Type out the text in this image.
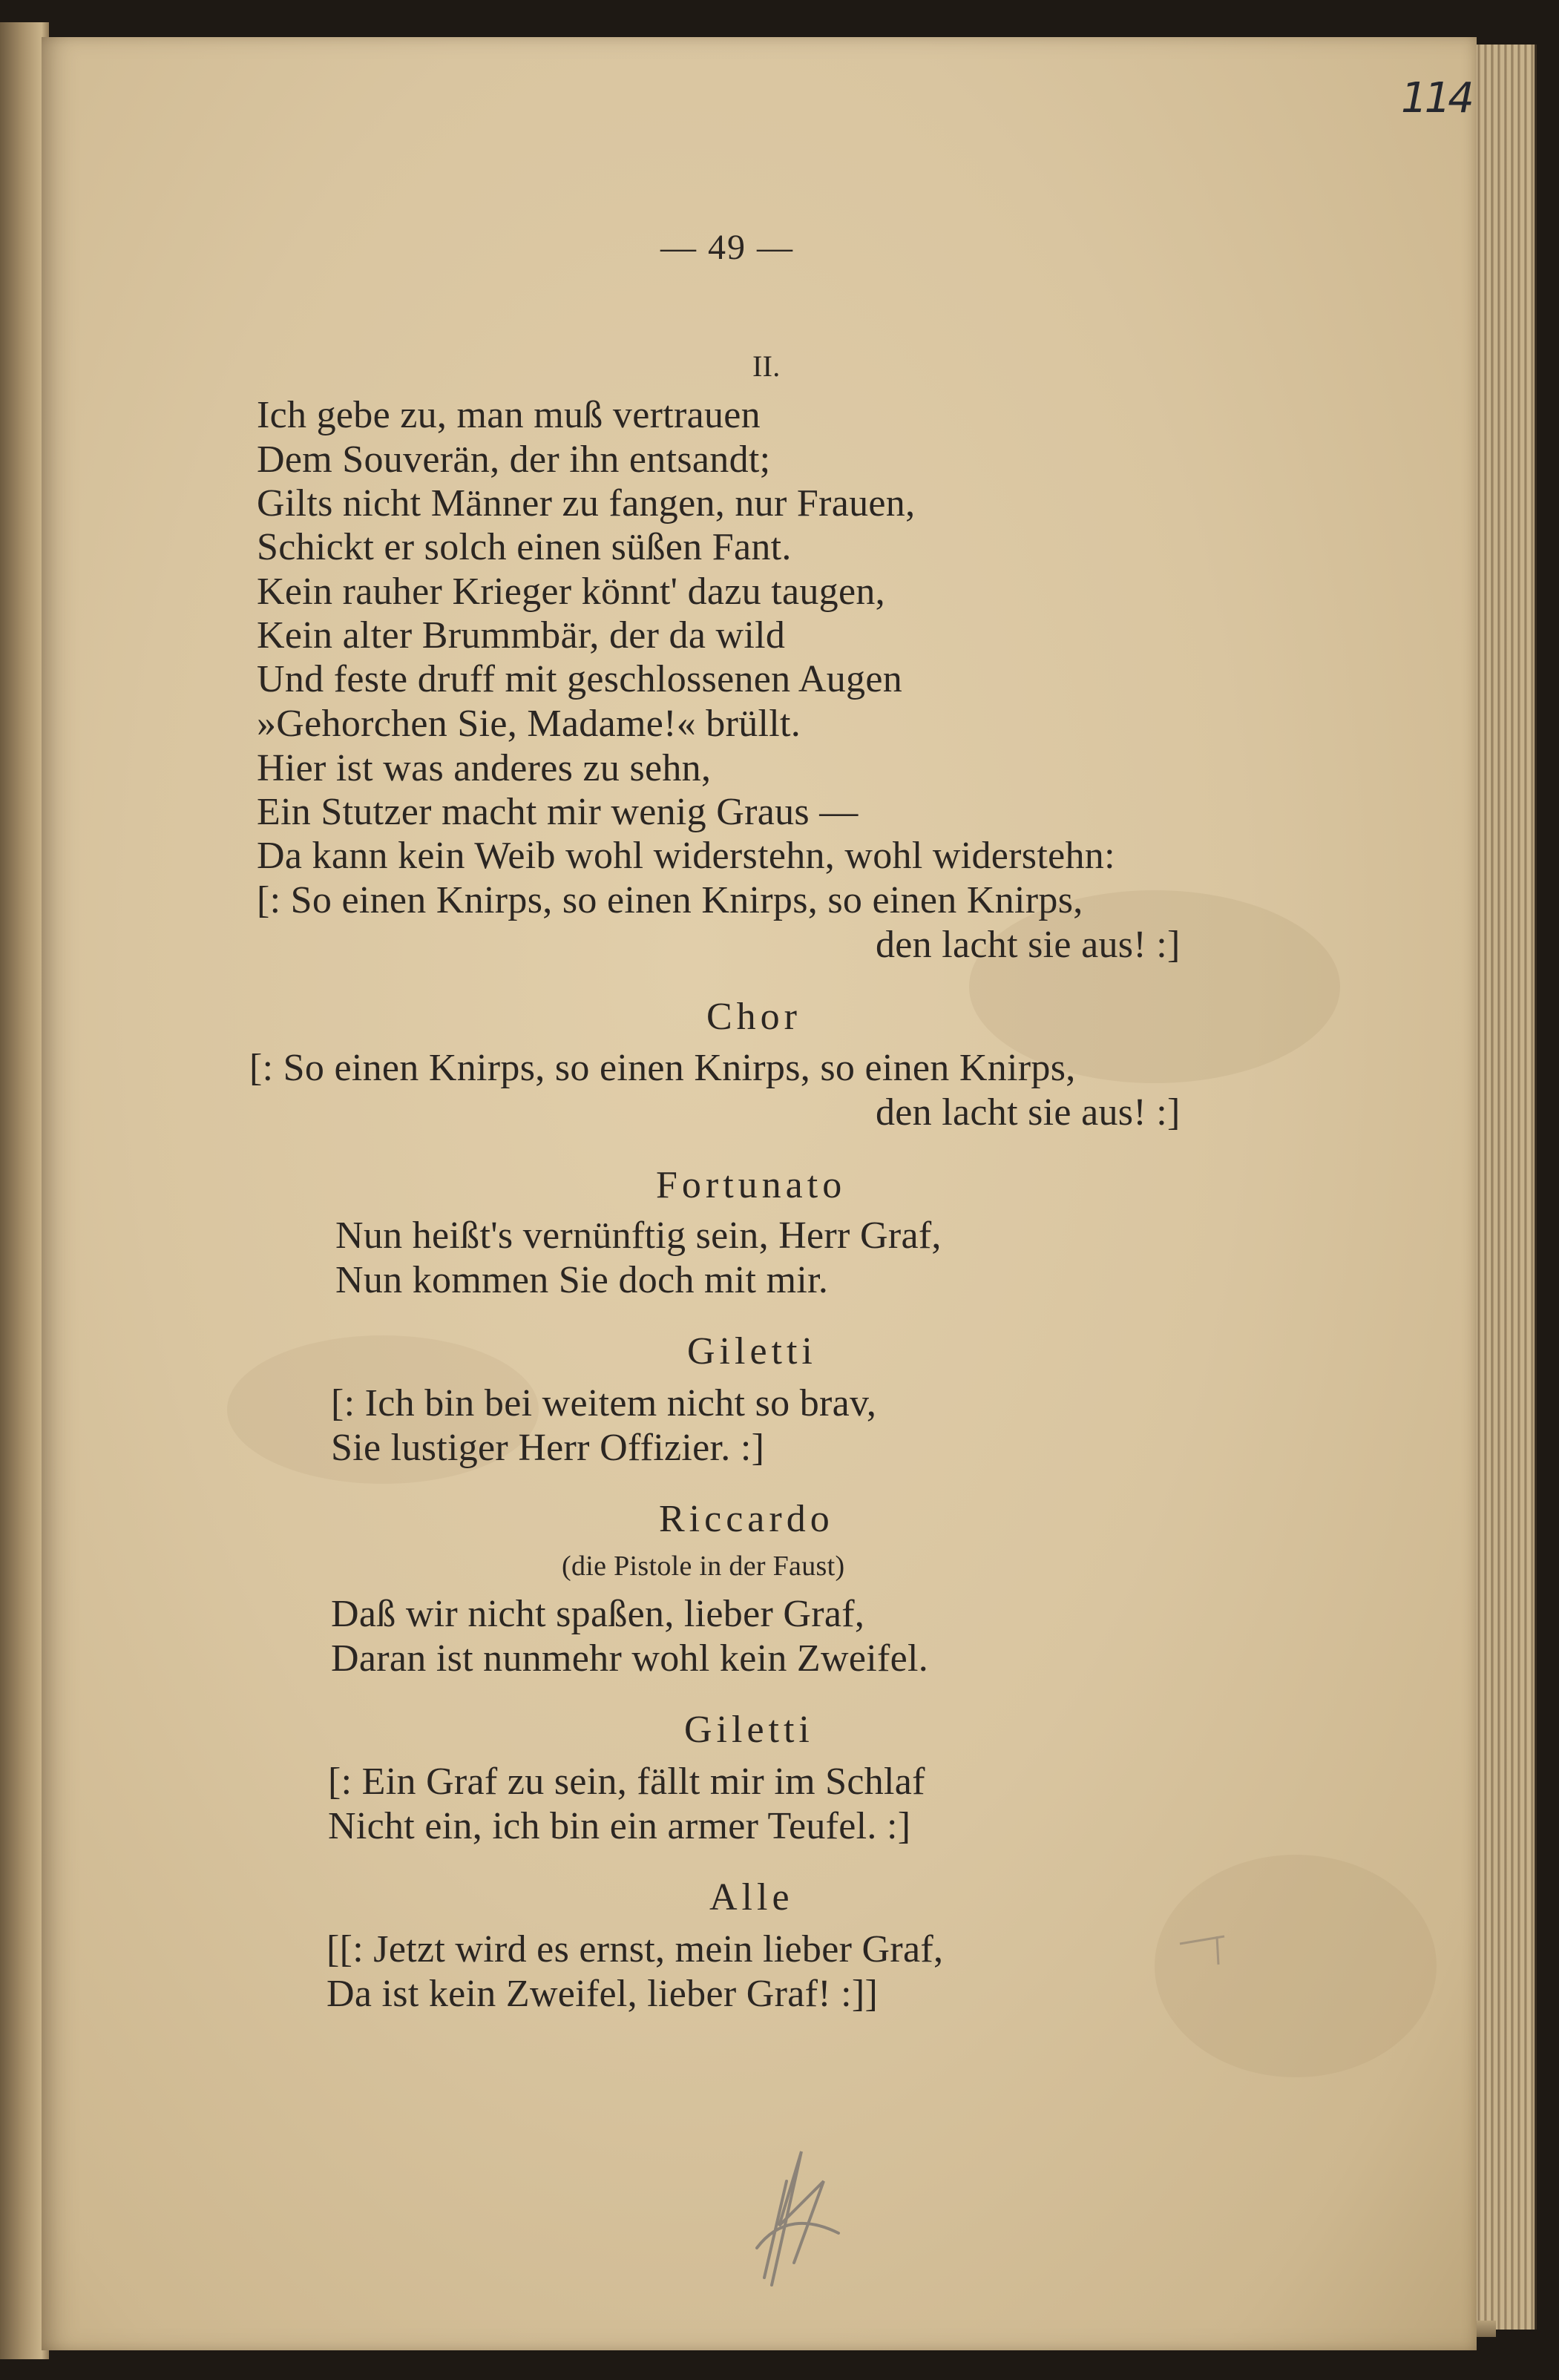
114
— 49 —
II.
Ich gebe zu, man muß vertrauen
Dem Souverän, der ihn entsandt;
Gilts nicht Männer zu fangen, nur Frauen,
Schickt er solch einen süßen Fant.
Kein rauher Krieger könnt' dazu taugen,
Kein alter Brummbär, der da wild
Und feste druff mit geschlossenen Augen
»Gehorchen Sie, Madame!« brüllt.
Hier ist was anderes zu sehn,
Ein Stutzer macht mir wenig Graus —
Da kann kein Weib wohl widerstehn, wohl widerstehn:
[: So einen Knirps, so einen Knirps, so einen Knirps,
den lacht sie aus! :]
Chor
[: So einen Knirps, so einen Knirps, so einen Knirps,
den lacht sie aus! :]
Fortunato
Nun heißt's vernünftig sein, Herr Graf,
Nun kommen Sie doch mit mir.
Giletti
[: Ich bin bei weitem nicht so brav,
Sie lustiger Herr Offizier. :]
Riccardo
(die Pistole in der Faust)
Daß wir nicht spaßen, lieber Graf,
Daran ist nunmehr wohl kein Zweifel.
Giletti
[: Ein Graf zu sein, fällt mir im Schlaf
Nicht ein, ich bin ein armer Teufel. :]
Alle
[[: Jetzt wird es ernst, mein lieber Graf,
Da ist kein Zweifel, lieber Graf! :]]
